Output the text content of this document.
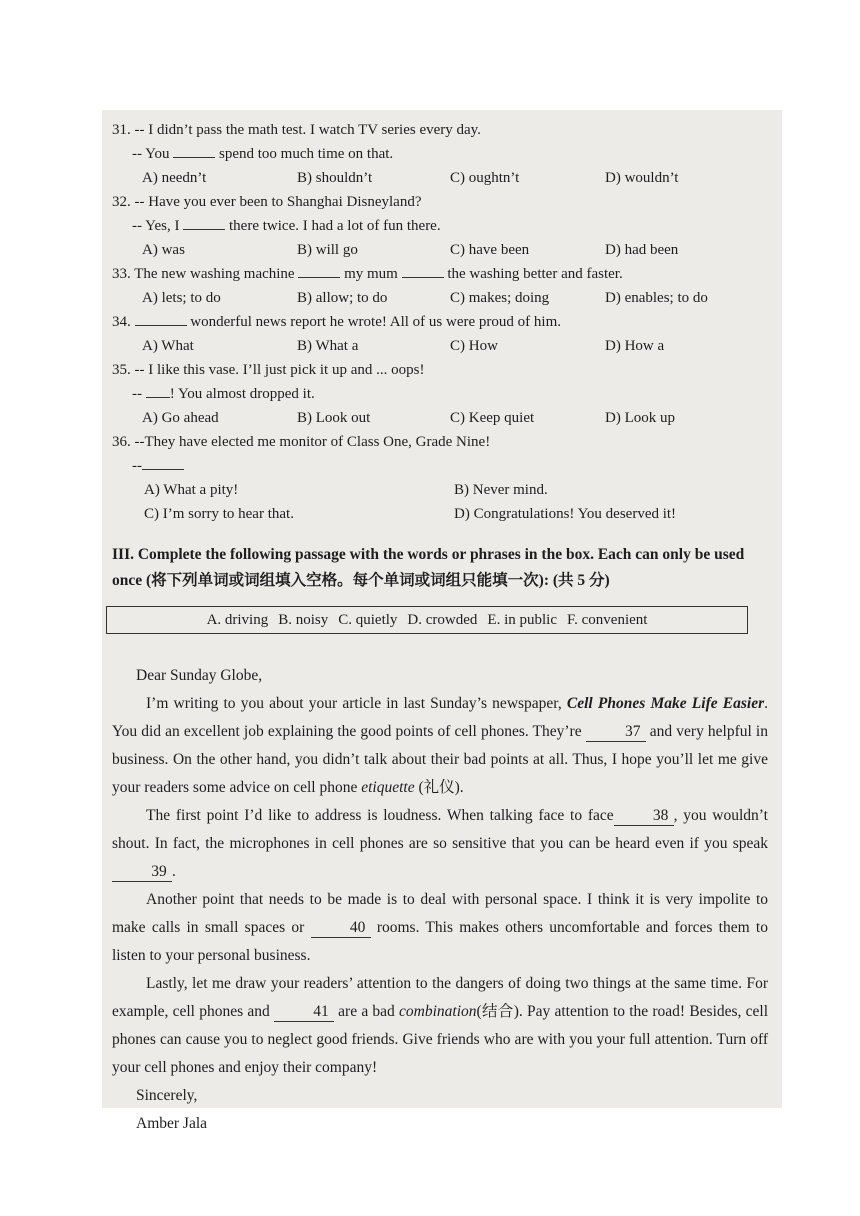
31. -- I didn’t pass the math test. I watch TV series every day.
-- You	spend too much time on that.
A) needn’t	B) shouldn’t	C) oughtn’t	D) wouldn’t
32. -- Have you ever been to Shanghai Disneyland?
-- Yes, I	there twice. I had a lot of fun there.
A) was	B) will go	C) have been	D) had been
33. The new washing machine	my mum	the washing better and faster.
A) lets; to do	B) allow; to do	C) makes; doing	D) enables; to do
34.	wonderful news report he wrote! All of us were proud of him.
A) What	B) What a	C) How	D) How a
35. -- I like this vase. I’ll just pick it up and ... oops!
-- ! You almost dropped it.
A) Go ahead	B) Look out	C) Keep quiet	D) Look up
36. --They have elected me monitor of Class One, Grade Nine!
--
A) What a pity!	B) Never mind.
C) I’m sorry to hear that.	D) Congratulations! You deserved it!
III. Complete the following passage with the words or phrases in the box. Each can only be used once (将下列单词或词组填入空格。每个单词或词组只能填一次): (共 5 分)
A. driving B. noisy C. quietly D. crowded E. in public F. convenient

Dear Sunday Globe,

I’m writing to you about your article in last Sunday’s newspaper, Cell Phones Make Life Easier. You did an excellent job explaining the good points of cell phones. They’re	37 and very helpful in business. On the other hand, you didn’t talk about their bad points at all. Thus, I hope you’ll let me give your readers some advice on cell phone etiquette (礼仪).

The first point I’d like to address is loudness. When talking face to face	38 , you wouldn’t shout. In fact, the microphones in cell phones are so sensitive that you can be heard even if you speak 39 .

Another point that needs to be made is to deal with personal space. I think it is very impolite to make calls in small spaces or	40 rooms. This makes others uncomfortable and forces them to listen to your personal business.

Lastly, let me draw your readers’ attention to the dangers of doing two things at the same time. For example, cell phones and	41 are a bad combination(结合). Pay attention to the road! Besides, cell phones can cause you to neglect good friends. Give friends who are with you your full attention. Turn off your cell phones and enjoy their company!

Sincerely,

Amber Jala
